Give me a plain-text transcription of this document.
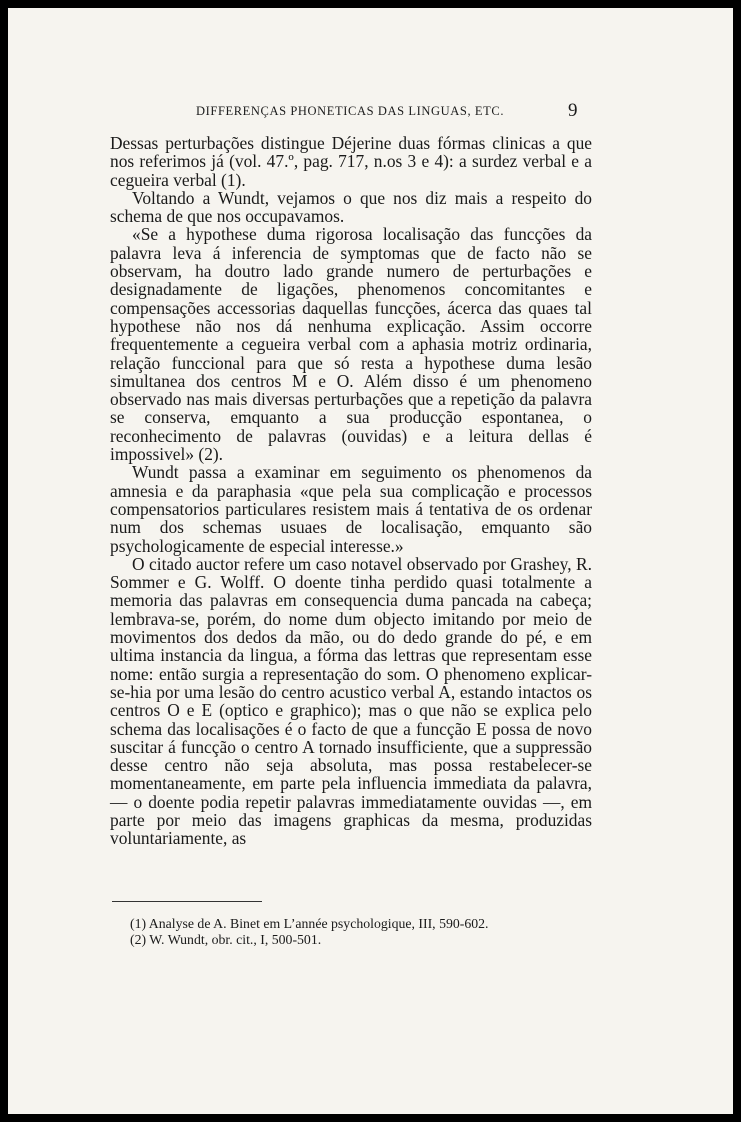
DIFFERENÇAS PHONETICAS DAS LINGUAS, ETC.	9

Dessas perturbações distingue Déjerine duas fórmas clinicas a que nos referimos já (vol. 47.º, pag. 717, n.os 3 e 4): a surdez verbal e a cegueira verbal (1).

Voltando a Wundt, vejamos o que nos diz mais a respeito do schema de que nos occupavamos.

«Se a hypothese duma rigorosa localisação das funcções da palavra leva á inferencia de symptomas que de facto não se observam, ha doutro lado grande numero de perturbações e designadamente de ligações, phenomenos concomitantes e compensações accessorias daquellas funcções, ácerca das quaes tal hypothese não nos dá nenhuma explicação. Assim occorre frequentemente a cegueira verbal com a aphasia motriz ordinaria, relação funccional para que só resta a hypothese duma lesão simultanea dos centros M e O. Além disso é um phenomeno observado nas mais diversas perturbações que a repetição da palavra se conserva, emquanto a sua producção espontanea, o reconhecimento de palavras (ouvidas) e a leitura dellas é impossivel» (2).

Wundt passa a examinar em seguimento os phenomenos da amnesia e da paraphasia «que pela sua complicação e processos compensatorios particulares resistem mais á tentativa de os ordenar num dos schemas usuaes de localisação, emquanto são psychologicamente de especial interesse.»

O citado auctor refere um caso notavel observado por Grashey, R. Sommer e G. Wolff. O doente tinha perdido quasi totalmente a memoria das palavras em consequencia duma pancada na cabeça; lembrava-se, porém, do nome dum objecto imitando por meio de movimentos dos dedos da mão, ou do dedo grande do pé, e em ultima instancia da lingua, a fórma das lettras que representam esse nome: então surgia a representação do som. O phenomeno explicar-se-hia por uma lesão do centro acustico verbal A, estando intactos os centros O e E (optico e graphico); mas o que não se explica pelo schema das localisações é o facto de que a funcção E possa de novo suscitar á funcção o centro A tornado insufficiente, que a suppressão desse centro não seja absoluta, mas possa restabelecer-se momentaneamente, em parte pela influencia immediata da palavra, — o doente podia repetir palavras immediatamente ouvidas —, em parte por meio das imagens graphicas da mesma, produzidas voluntariamente, as

(1) Analyse de A. Binet em L’année psychologique, III, 590-602.
(2) W. Wundt, obr. cit., I, 500-501.
